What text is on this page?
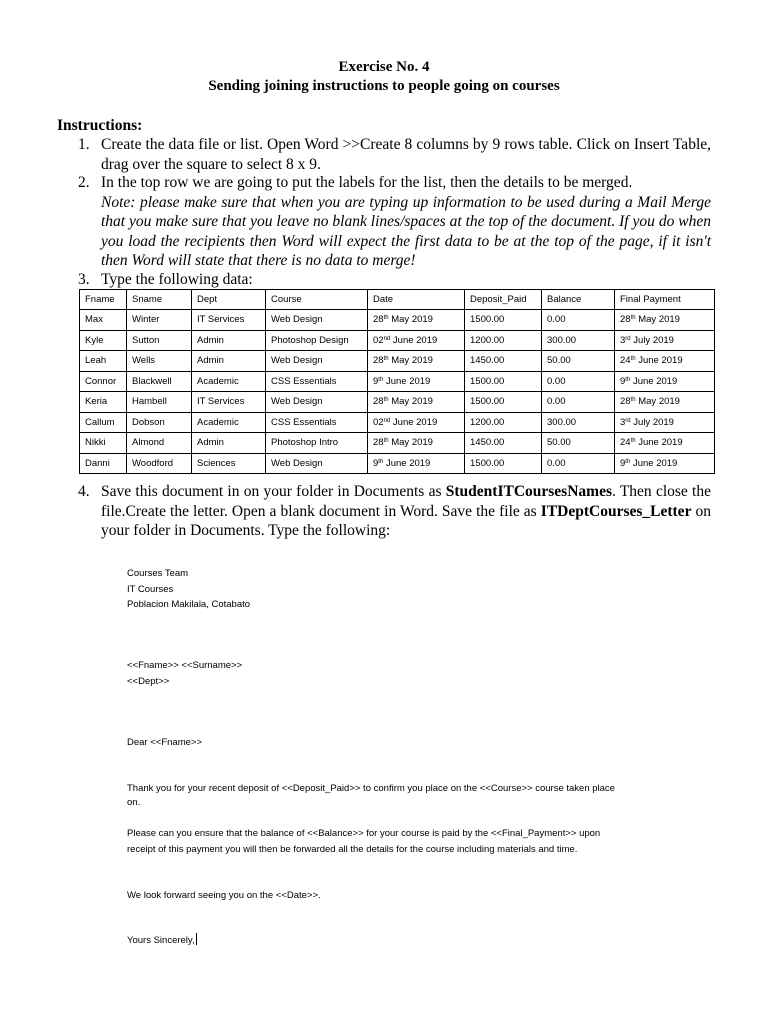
Exercise No. 4
Sending joining instructions to people going on courses
Instructions:
1. Create the data file or list. Open Word >>Create 8 columns by 9 rows table. Click on Insert Table, drag over the square to select 8 x 9.
2. In the top row we are going to put the labels for the list, then the details to be merged.
Note: please make sure that when you are typing up information to be used during a Mail Merge that you make sure that you leave no blank lines/spaces at the top of the document. If you do when you load the recipients then Word will expect the first data to be at the top of the page, if it isn't then Word will state that there is no data to merge!
3. Type the following data:
Fname	Sname	Dept	Course	Date	Deposit_Paid	Balance	Final Payment
Max	Winter	IT Services	Web Design	28th May 2019	1500.00	0.00	28th May 2019
Kyle	Sutton	Admin	Photoshop Design	02nd June 2019	1200.00	300.00	3rd July 2019
Leah	Wells	Admin	Web Design	28th May 2019	1450.00	50.00	24th June 2019
Connor	Blackwell	Academic	CSS Essentials	9th June 2019	1500.00	0.00	9th June 2019
Keria	Hambell	IT Services	Web Design	28th May 2019	1500.00	0.00	28th May 2019
Callum	Dobson	Academic	CSS Essentials	02nd June 2019	1200.00	300.00	3rd July 2019
Nikki	Almond	Admin	Photoshop Intro	28th May 2019	1450.00	50.00	24th June 2019
Danni	Woodford	Sciences	Web Design	9th June 2019	1500.00	0.00	9th June 2019
4. Save this document in on your folder in Documents as StudentITCoursesNames. Then close the file.Create the letter. Open a blank document in Word. Save the file as ITDeptCourses_Letter on your folder in Documents. Type the following:
Courses Team
IT Courses
Poblacion Makilala, Cotabato
<<Fname>> <<Surname>>
<<Dept>>
Dear <<Fname>>
Thank you for your recent deposit of <<Deposit_Paid>> to confirm you place on the <<Course>> course taken place on.
Please can you ensure that the balance of <<Balance>> for your course is paid by the <<Final_Payment>> upon receipt of this payment you will then be forwarded all the details for the course including materials and time.
We look forward seeing you on the <<Date>>.
Yours Sincerely,
